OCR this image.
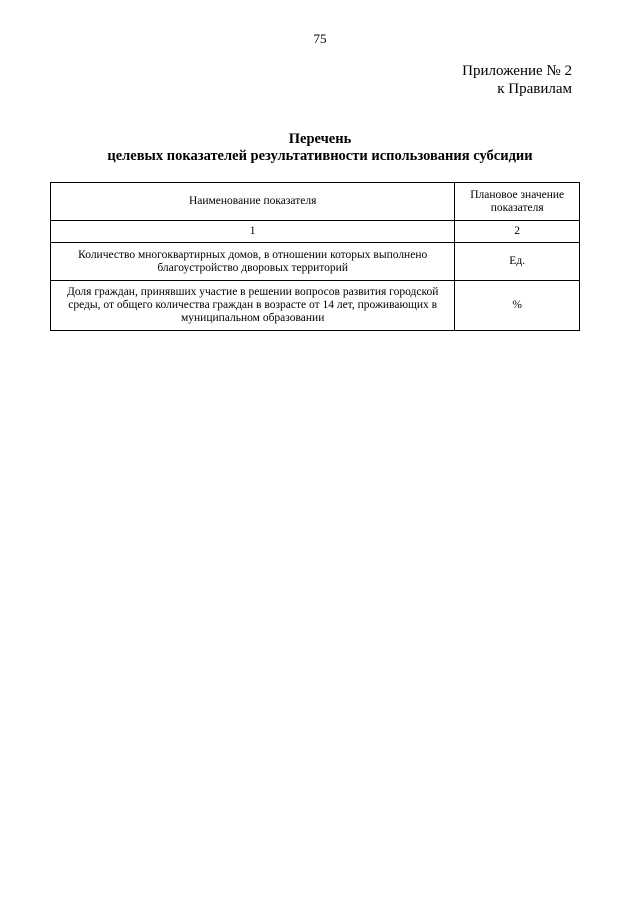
75
Приложение № 2
к Правилам
Перечень
целевых показателей результативности использования субсидии
Наименование показателя	Плановое значение показателя
1	2
Количество многоквартирных домов, в отношении которых выполнено благоустройство дворовых территорий	Ед.
Доля граждан, принявших участие в решении вопросов развития городской среды, от общего количества граждан в возрасте от 14 лет, проживающих в муниципальном образовании	%
